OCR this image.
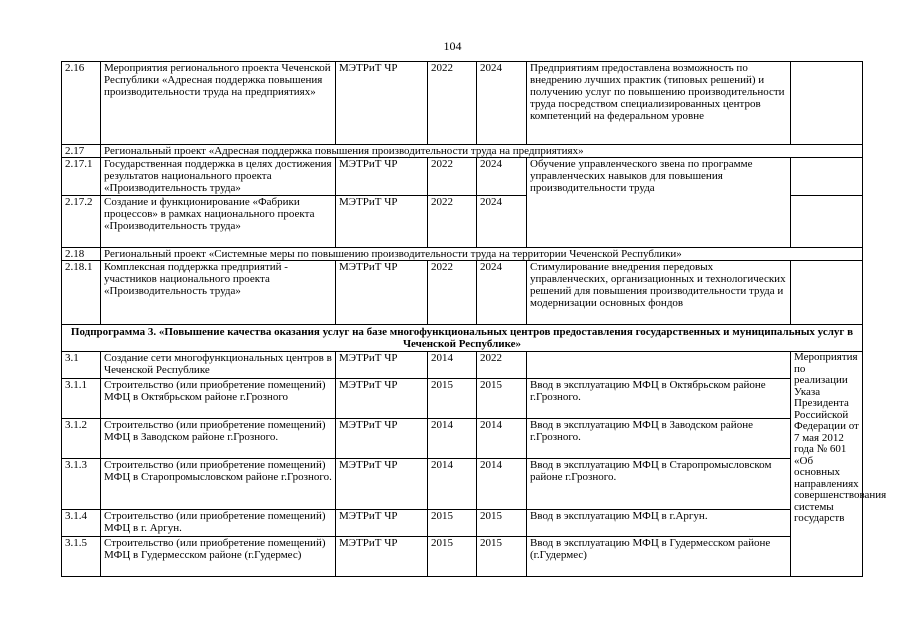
104
2.16	Мероприятия регионального проекта Чеченской Республики «Адресная поддержка повышения производительности труда на предприятиях»	МЭТРиТ ЧР	2022	2024	Предприятиям предоставлена возможность по внедрению лучших практик (типовых решений) и получению услуг по повышению производительности труда посредством специализированных центров компетенций на федеральном уровне	
2.17	Региональный проект «Адресная поддержка повышения производительности труда на предприятиях»					
2.17.1	Государственная поддержка в целях достижения результатов национального проекта «Производительность труда»	МЭТРиТ ЧР	2022	2024	Обучение управленческого звена по программе управленческих навыков для повышения производительности труда	
2.17.2	Создание и функционирование «Фабрики процессов» в рамках национального проекта «Производительность труда»	МЭТРиТ ЧР	2022	2024		
2.18	Региональный проект «Системные меры по повышению производительности труда на территории Чеченской Республики»					
2.18.1	Комплексная поддержка предприятий - участников национального проекта «Производительность труда»	МЭТРиТ ЧР	2022	2024	Стимулирование внедрения передовых управленческих, организационных и технологических решений для повышения производительности труда и модернизации основных фондов	
Подпрограмма 3. «Повышение качества оказания услуг на базе многофункциональных центров предоставления государственных и муниципальных услуг в Чеченской Республике»						
3.1	Создание сети многофункциональных центров в Чеченской Республике	МЭТРиТ ЧР	2014	2022		Мероприятия по реализации Указа Президента Российской Федерации от 7 мая 2012 года № 601 «Об основных направлениях совершенствования системы государств
3.1.1	Строительство (или приобретение помещений) МФЦ в Октябрьском районе г.Грозного	МЭТРиТ ЧР	2015	2015	Ввод в эксплуатацию МФЦ в Октябрьском районе г.Грозного.	
3.1.2	Строительство (или приобретение помещений) МФЦ в Заводском районе г.Грозного.	МЭТРиТ ЧР	2014	2014	Ввод в эксплуатацию МФЦ в Заводском районе г.Грозного.	
3.1.3	Строительство (или приобретение помещений) МФЦ в Старопромысловском районе г.Грозного.	МЭТРиТ ЧР	2014	2014	Ввод в эксплуатацию МФЦ в Старопромысловском районе г.Грозного.	
3.1.4	Строительство (или приобретение помещений) МФЦ в г. Аргун.	МЭТРиТ ЧР	2015	2015	Ввод в эксплуатацию МФЦ в г.Аргун.	
3.1.5	Строительство (или приобретение помещений) МФЦ в Гудермесском районе (г.Гудермес)	МЭТРиТ ЧР	2015	2015	Ввод в эксплуатацию МФЦ в Гудермесском районе (г.Гудермес)	
